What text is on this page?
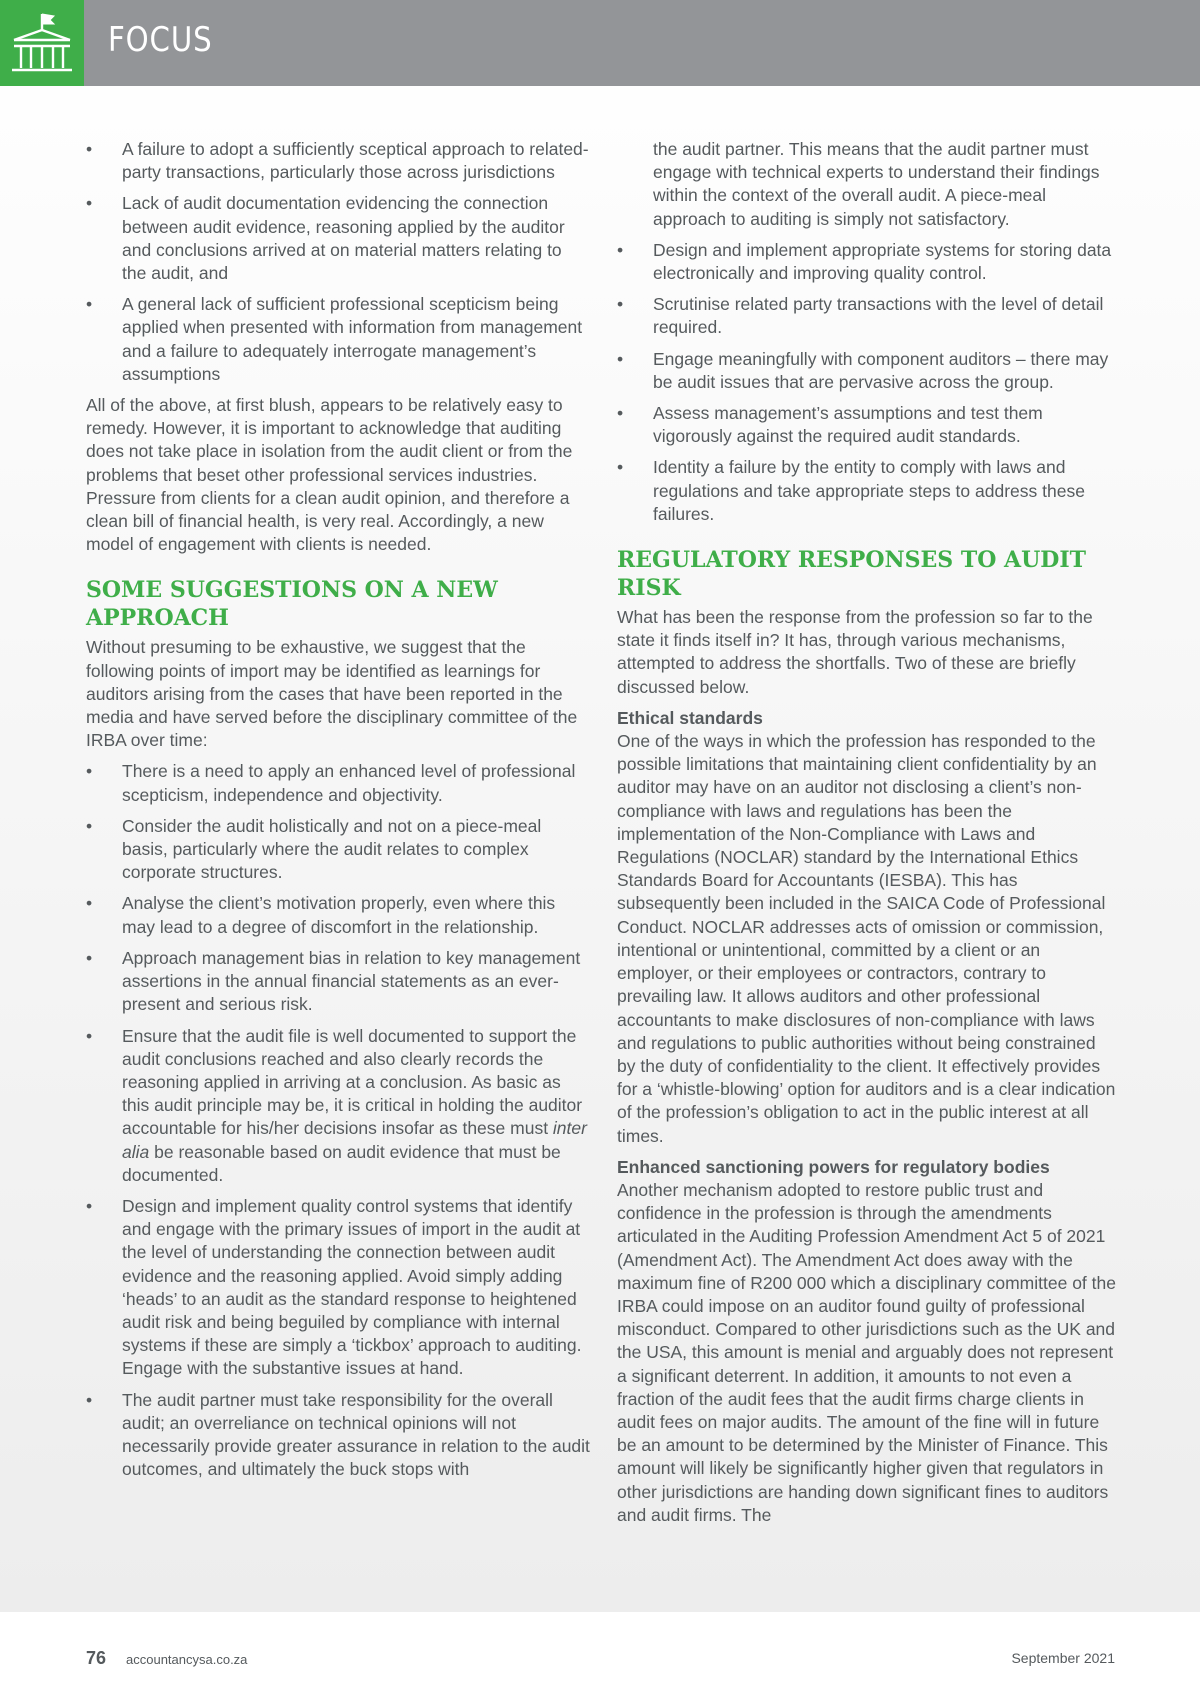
FOCUS
• A failure to adopt a sufficiently sceptical approach to related-party transactions, particularly those across jurisdictions
• Lack of audit documentation evidencing the connection between audit evidence, reasoning applied by the auditor and conclusions arrived at on material matters relating to the audit, and
• A general lack of sufficient professional scepticism being applied when presented with information from management and a failure to adequately interrogate management’s assumptions

All of the above, at first blush, appears to be relatively easy to remedy. However, it is important to acknowledge that auditing does not take place in isolation from the audit client or from the problems that beset other professional services industries. Pressure from clients for a clean audit opinion, and therefore a clean bill of financial health, is very real. Accordingly, a new model of engagement with clients is needed.

SOME SUGGESTIONS ON A NEW APPROACH

Without presuming to be exhaustive, we suggest that the following points of import may be identified as learnings for auditors arising from the cases that have been reported in the media and have served before the disciplinary committee of the IRBA over time:

• There is a need to apply an enhanced level of professional scepticism, independence and objectivity.
• Consider the audit holistically and not on a piece-meal basis, particularly where the audit relates to complex corporate structures.
• Analyse the client’s motivation properly, even where this may lead to a degree of discomfort in the relationship.
• Approach management bias in relation to key management assertions in the annual financial statements as an ever-present and serious risk.
• Ensure that the audit file is well documented to support the audit conclusions reached and also clearly records the reasoning applied in arriving at a conclusion. As basic as this audit principle may be, it is critical in holding the auditor accountable for his/her decisions insofar as these must inter alia be reasonable based on audit evidence that must be documented.
• Design and implement quality control systems that identify and engage with the primary issues of import in the audit at the level of understanding the connection between audit evidence and the reasoning applied. Avoid simply adding ‘heads’ to an audit as the standard response to heightened audit risk and being beguiled by compliance with internal systems if these are simply a ‘tickbox’ approach to auditing. Engage with the substantive issues at hand.
• The audit partner must take responsibility for the overall audit; an overreliance on technical opinions will not necessarily provide greater assurance in relation to the audit outcomes, and ultimately the buck stops with

the audit partner. This means that the audit partner must engage with technical experts to understand their findings within the context of the overall audit. A piece-meal approach to auditing is simply not satisfactory.

• Design and implement appropriate systems for storing data electronically and improving quality control.
• Scrutinise related party transactions with the level of detail required.
• Engage meaningfully with component auditors – there may be audit issues that are pervasive across the group.
• Assess management’s assumptions and test them vigorously against the required audit standards.
• Identity a failure by the entity to comply with laws and regulations and take appropriate steps to address these failures.
REGULATORY RESPONSES TO AUDIT RISK

What has been the response from the profession so far to the state it finds itself in? It has, through various mechanisms, attempted to address the shortfalls. Two of these are briefly discussed below.

Ethical standards

One of the ways in which the profession has responded to the possible limitations that maintaining client confidentiality by an auditor may have on an auditor not disclosing a client’s non-compliance with laws and regulations has been the implementation of the Non-Compliance with Laws and Regulations (NOCLAR) standard by the International Ethics Standards Board for Accountants (IESBA). This has subsequently been included in the SAICA Code of Professional Conduct. NOCLAR addresses acts of omission or commission, intentional or unintentional, committed by a client or an employer, or their employees or contractors, contrary to prevailing law. It allows auditors and other professional accountants to make disclosures of non-compliance with laws and regulations to public authorities without being constrained by the duty of confidentiality to the client. It effectively provides for a ‘whistle-blowing’ option for auditors and is a clear indication of the profession’s obligation to act in the public interest at all times.

Enhanced sanctioning powers for regulatory bodies

Another mechanism adopted to restore public trust and confidence in the profession is through the amendments articulated in the Auditing Profession Amendment Act 5 of 2021 (Amendment Act). The Amendment Act does away with the maximum fine of R200 000 which a disciplinary committee of the IRBA could impose on an auditor found guilty of professional misconduct. Compared to other jurisdictions such as the UK and the USA, this amount is menial and arguably does not represent a significant deterrent. In addition, it amounts to not even a fraction of the audit fees that the audit firms charge clients in audit fees on major audits. The amount of the fine will in future be an amount to be determined by the Minister of Finance. This amount will likely be significantly higher given that regulators in other jurisdictions are handing down significant fines to auditors and audit firms. The

76 accountancysa.co.za	September 2021
